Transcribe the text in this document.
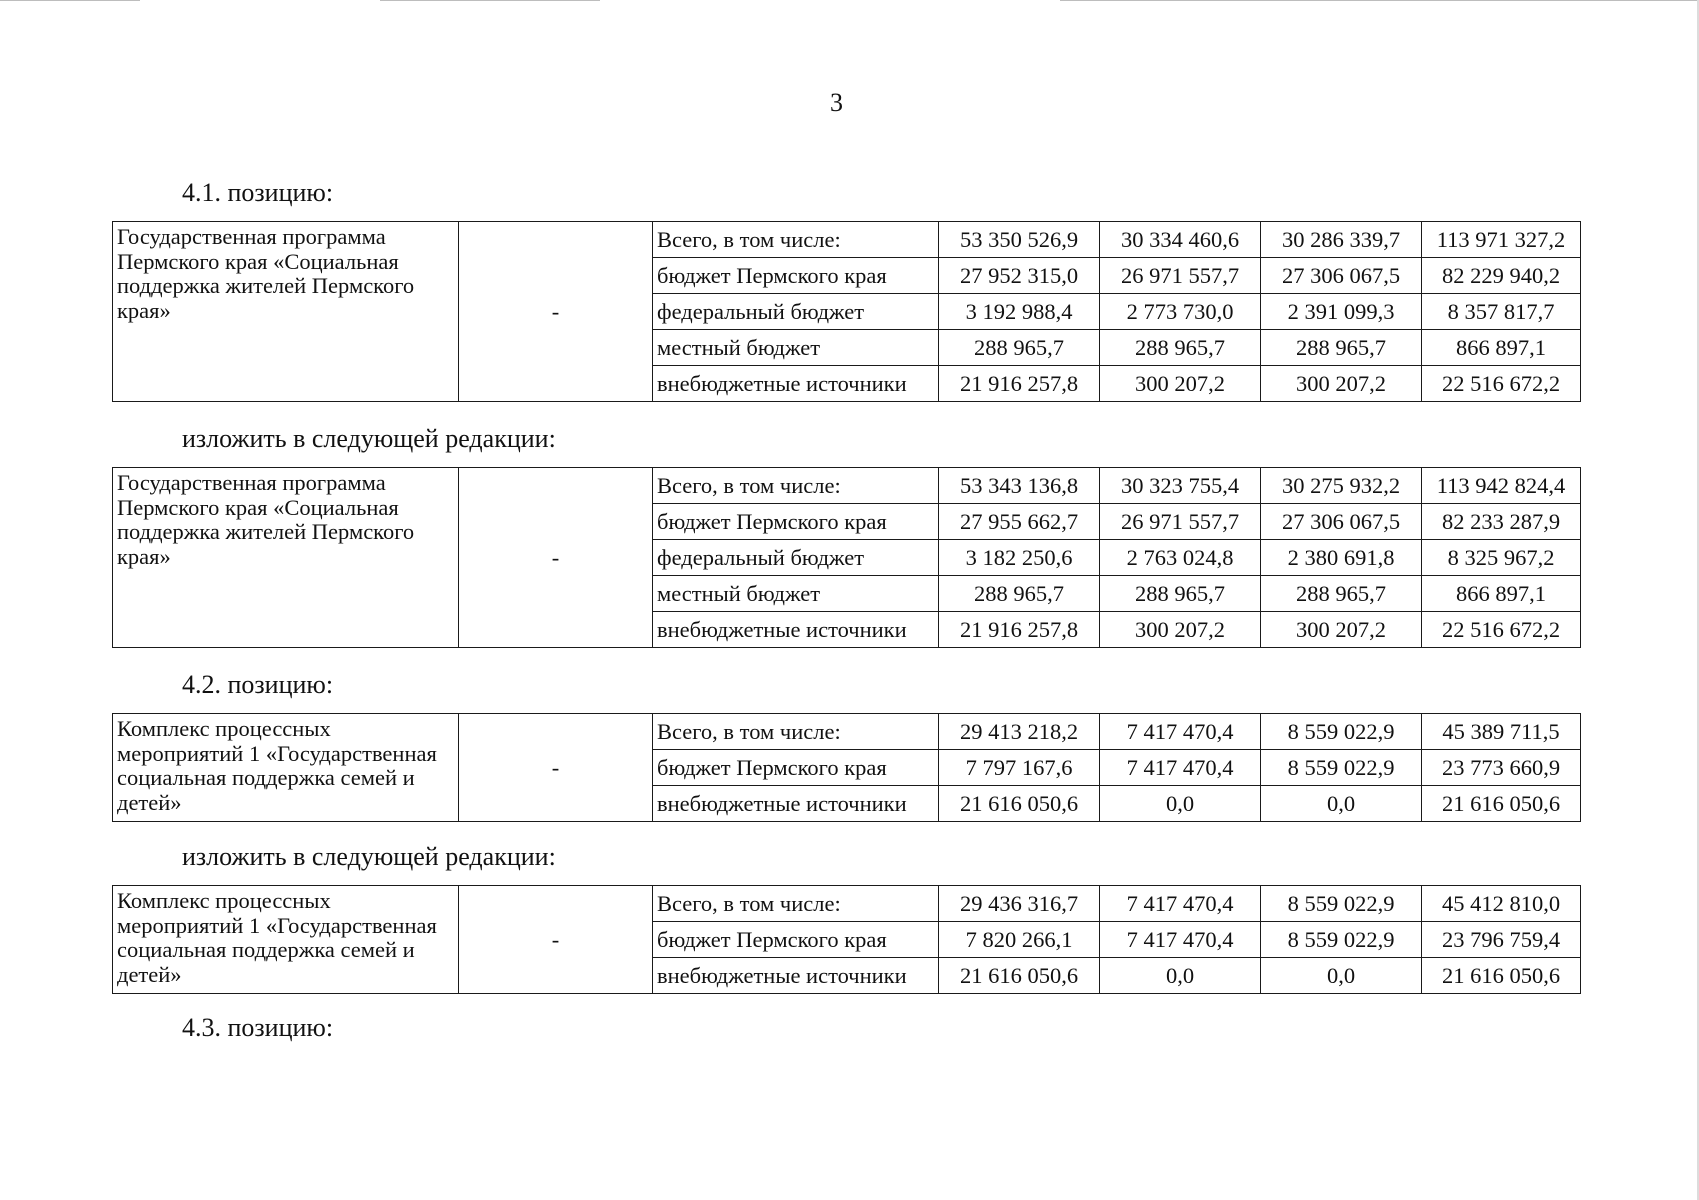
3
4.1. позицию:
Государственная программа Пермского края «Социальная поддержка жителей Пермского края»	-	Всего, в том числе:	53 350 526,9	30 334 460,6	30 286 339,7	113 971 327,2
		бюджет Пермского края	27 952 315,0	26 971 557,7	27 306 067,5	82 229 940,2
		федеральный бюджет	3 192 988,4	2 773 730,0	2 391 099,3	8 357 817,7
		местный бюджет	288 965,7	288 965,7	288 965,7	866 897,1
		внебюджетные источники	21 916 257,8	300 207,2	300 207,2	22 516 672,2
изложить в следующей редакции:
Государственная программа Пермского края «Социальная поддержка жителей Пермского края»	-	Всего, в том числе:	53 343 136,8	30 323 755,4	30 275 932,2	113 942 824,4
		бюджет Пермского края	27 955 662,7	26 971 557,7	27 306 067,5	82 233 287,9
		федеральный бюджет	3 182 250,6	2 763 024,8	2 380 691,8	8 325 967,2
		местный бюджет	288 965,7	288 965,7	288 965,7	866 897,1
		внебюджетные источники	21 916 257,8	300 207,2	300 207,2	22 516 672,2
4.2. позицию:
Комплекс процессных мероприятий 1 «Государственная социальная поддержка семей и детей»	-	Всего, в том числе:	29 413 218,2	7 417 470,4	8 559 022,9	45 389 711,5
		бюджет Пермского края	7 797 167,6	7 417 470,4	8 559 022,9	23 773 660,9
		внебюджетные источники	21 616 050,6	0,0	0,0	21 616 050,6
изложить в следующей редакции:
Комплекс процессных мероприятий 1 «Государственная социальная поддержка семей и детей»	-	Всего, в том числе:	29 436 316,7	7 417 470,4	8 559 022,9	45 412 810,0
		бюджет Пермского края	7 820 266,1	7 417 470,4	8 559 022,9	23 796 759,4
		внебюджетные источники	21 616 050,6	0,0	0,0	21 616 050,6
4.3. позицию:
